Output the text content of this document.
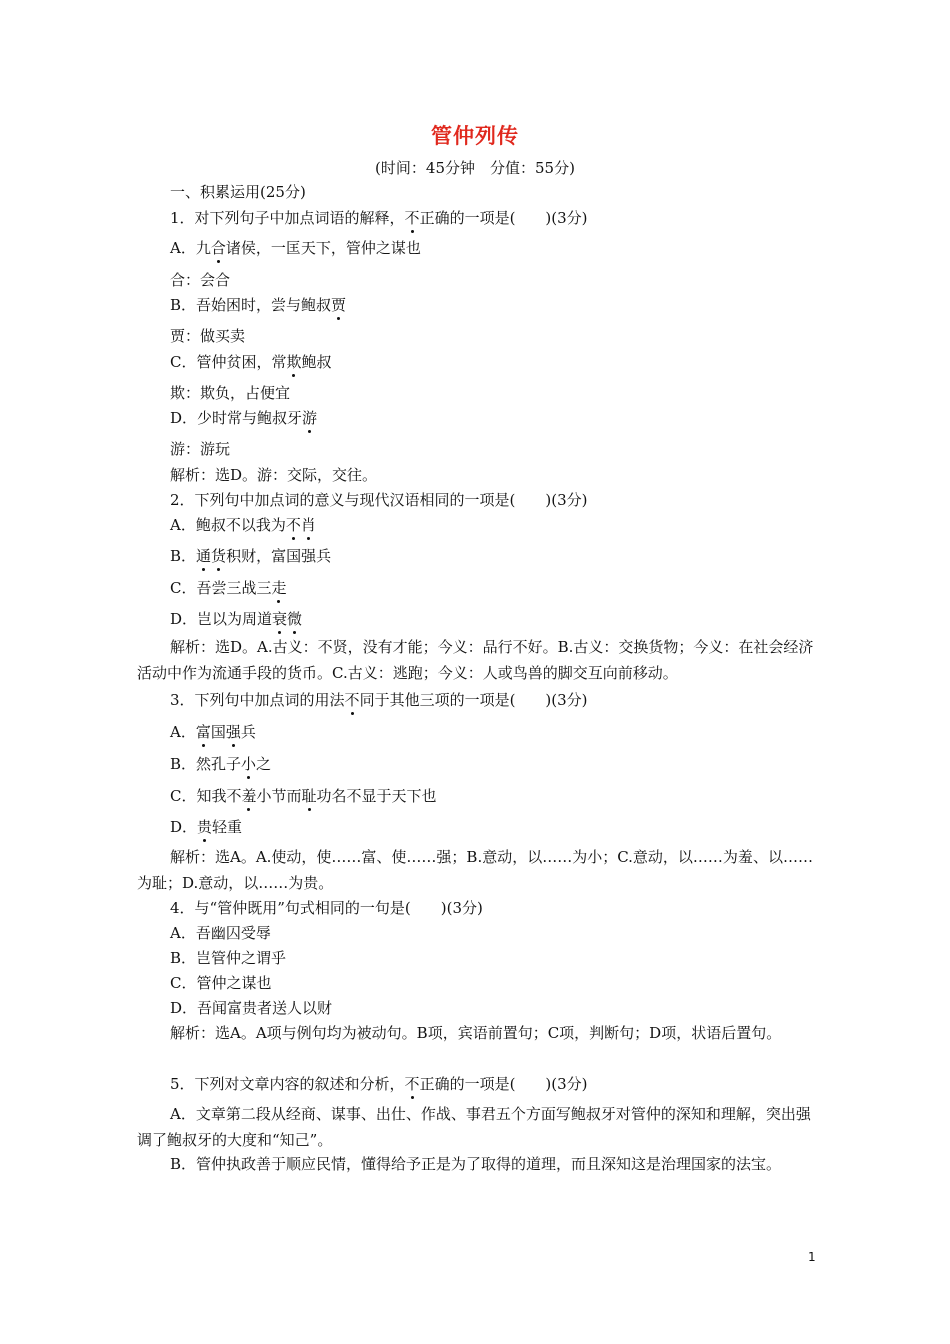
管仲列传
(时间：45分钟　分值：55分)
一、积累运用(25分)
1．对下列句子中加点词语的解释，不正确的一项是(　　)(3分)
A．九合诸侯，一匡天下，管仲之谋也
合：会合
B．吾始困时，尝与鲍叔贾
贾：做买卖
C．管仲贫困，常欺鲍叔
欺：欺负，占便宜
D．少时常与鲍叔牙游
游：游玩
解析：选D。游：交际，交往。
2．下列句中加点词的意义与现代汉语相同的一项是(　　)(3分)
A．鲍叔不以我为不肖
B．通货积财，富国强兵
C．吾尝三战三走
D．岂以为周道衰微
解析：选D。A.古义：不贤，没有才能；今义：品行不好。B.古义：交换货物；今义：在社会经济活动中作为流通手段的货币。C.古义：逃跑；今义：人或鸟兽的脚交互向前移动。
3．下列句中加点词的用法不同于其他三项的一项是(　　)(3分)
A．富国强兵
B．然孔子小之
C．知我不羞小节而耻功名不显于天下也
D．贵轻重
解析：选A。A.使动，使……富、使……强；B.意动，以……为小；C.意动，以……为羞、以……为耻；D.意动，以……为贵。
4．与“管仲既用”句式相同的一句是(　　)(3分)
A．吾幽囚受辱
B．岂管仲之谓乎
C．管仲之谋也
D．吾闻富贵者送人以财
解析：选A。A项与例句均为被动句。B项，宾语前置句；C项，判断句；D项，状语后置句。
5．下列对文章内容的叙述和分析，不正确的一项是(　　)(3分)
A．文章第二段从经商、谋事、出仕、作战、事君五个方面写鲍叔牙对管仲的深知和理解，突出强调了鲍叔牙的大度和“知己”。
B．管仲执政善于顺应民情，懂得给予正是为了取得的道理，而且深知这是治理国家的法宝。
1
